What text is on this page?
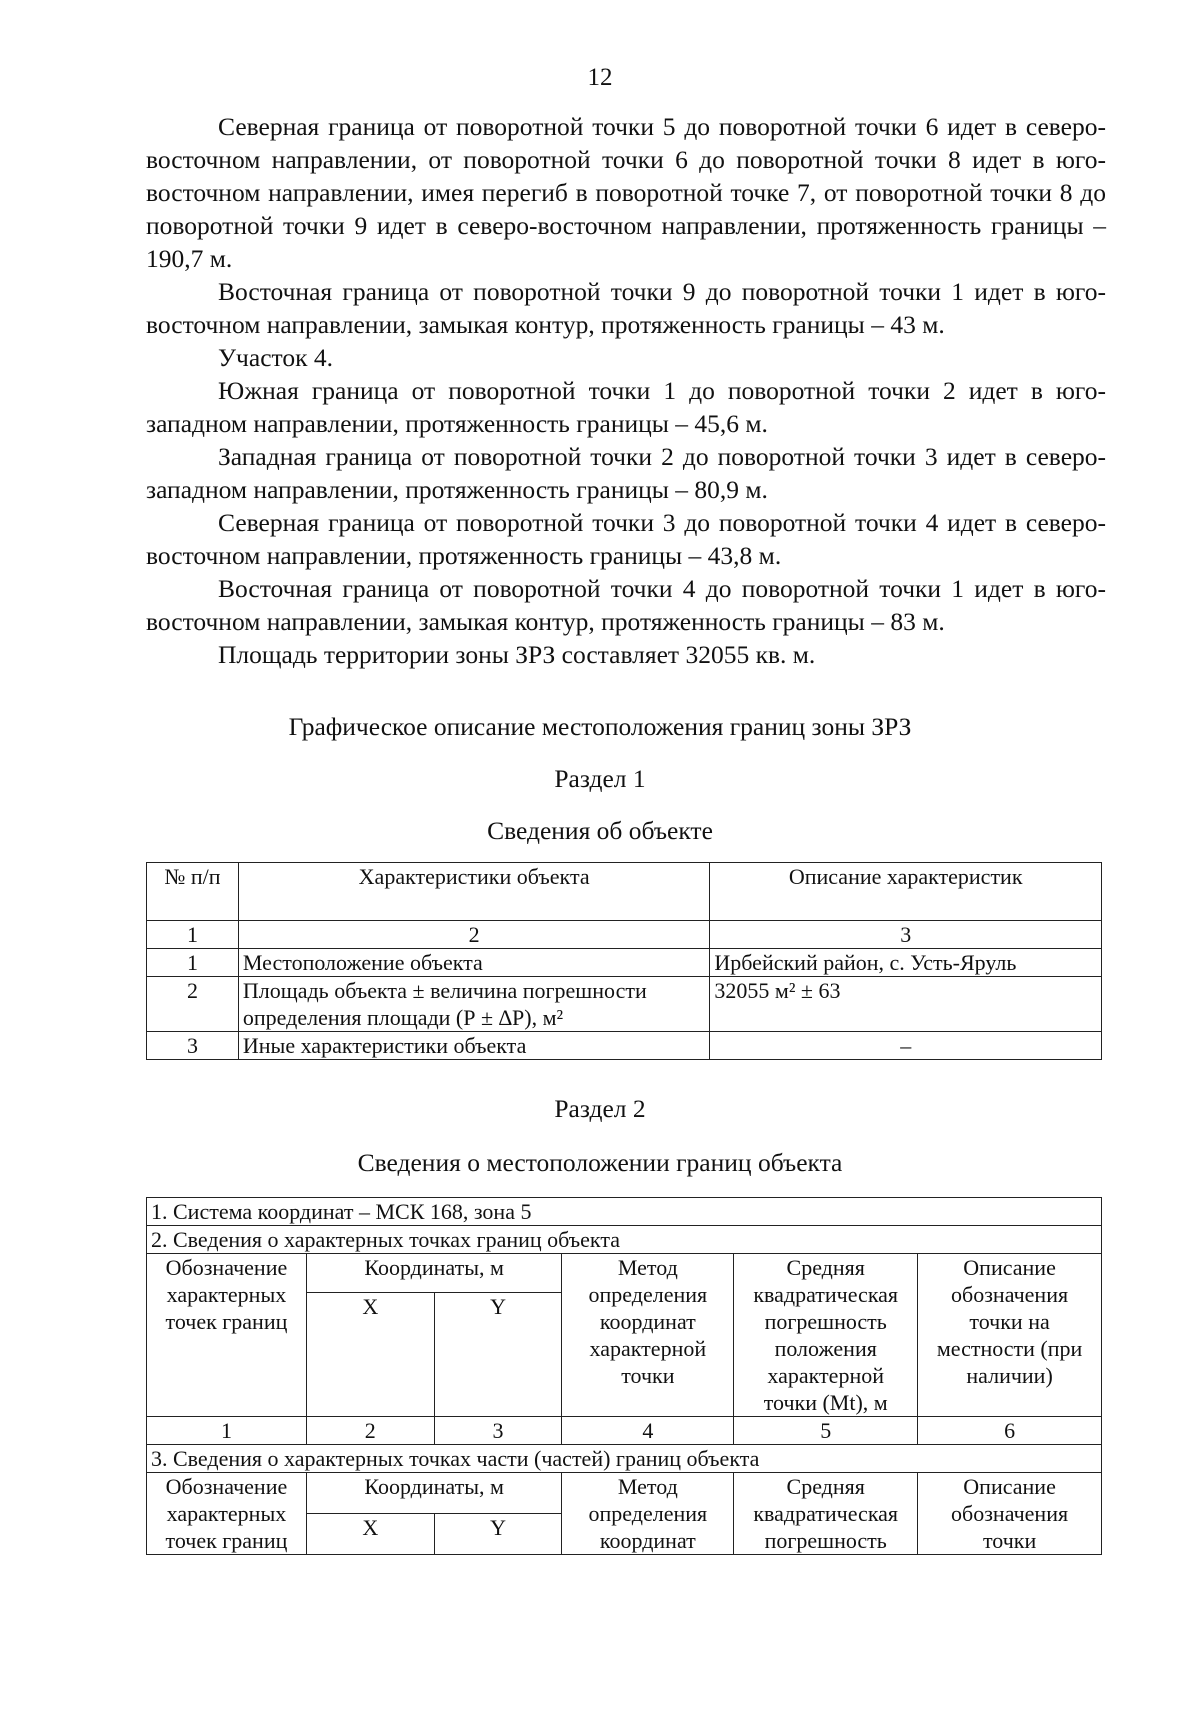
12

Северная граница от поворотной точки 5 до поворотной точки 6 идет в северо-восточном направлении, от поворотной точки 6 до поворотной точки 8 идет в юго-восточном направлении, имея перегиб в поворотной точке 7, от поворотной точки 8 до поворотной точки 9 идет в северо-восточном направлении, протяженность границы – 190,7 м.

Восточная граница от поворотной точки 9 до поворотной точки 1 идет в юго-восточном направлении, замыкая контур, протяженность границы – 43 м.

Участок 4.

Южная граница от поворотной точки 1 до поворотной точки 2 идет в юго-западном направлении, протяженность границы – 45,6 м.

Западная граница от поворотной точки 2 до поворотной точки 3 идет в северо-западном направлении, протяженность границы – 80,9 м.

Северная граница от поворотной точки 3 до поворотной точки 4 идет в северо-восточном направлении, протяженность границы – 43,8 м.

Восточная граница от поворотной точки 4 до поворотной точки 1 идет в юго-восточном направлении, замыкая контур, протяженность границы – 83 м.

Площадь территории зоны ЗРЗ составляет 32055 кв. м.

Графическое описание местоположения границ зоны ЗРЗ
Раздел 1
Сведения об объекте
№ п/п	Характеристики объекта	Описание характеристик
1	2	3
1	Местоположение объекта	Ирбейский район, с. Усть-Яруль
2	Площадь объекта ± величина погрешности определения площади (Р ± ∆Р), м²	32055 м² ± 63
3	Иные характеристики объекта	–
Раздел 2
Сведения о местоположении границ объекта
1. Система координат – МСК 168, зона 5					
2. Сведения о характерных точках границ объекта					
Обозначение характерных точек границ	Координаты, м		Метод определения координат характерной точки	Средняя квадратическая погрешность положения характерной точки (Mt), м	Описание обозначения точки на местности (при наличии)
	X	Y			
1	2	3	4	5	6
3. Сведения о характерных точках части (частей) границ объекта					
Обозначение характерных точек границ	Координаты, м		Метод определения координат	Средняя квадратическая погрешность	Описание обозначения точки
	X	Y			
